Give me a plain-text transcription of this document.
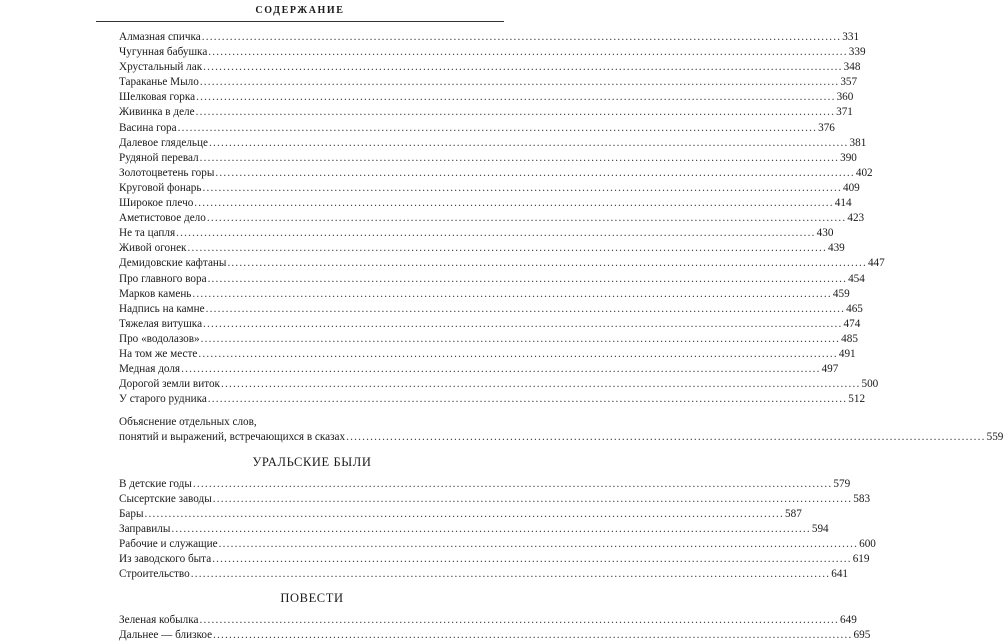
СОДЕРЖАНИЕ
Алмазная спичка ................................................................................................................................................................ 331
Чугунная бабушка ................................................................................................................................................................ 339
Хрустальный лак ................................................................................................................................................................ 348
Тараканье Мыло ................................................................................................................................................................ 357
Шелковая горка ................................................................................................................................................................ 360
Живинка в деле ................................................................................................................................................................ 371
Васина гора ................................................................................................................................................................ 376
Далевое глядельце ................................................................................................................................................................ 381
Рудяной перевал ................................................................................................................................................................ 390
Золотоцветень горы ................................................................................................................................................................ 402
Круговой фонарь ................................................................................................................................................................ 409
Широкое плечо ................................................................................................................................................................ 414
Аметистовое дело ................................................................................................................................................................ 423
Не та цапля ................................................................................................................................................................ 430
Живой огонек ................................................................................................................................................................ 439
Демидовские кафтаны ................................................................................................................................................................ 447
Про главного вора ................................................................................................................................................................ 454
Марков камень ................................................................................................................................................................ 459
Надпись на камне ................................................................................................................................................................ 465
Тяжелая витушка ................................................................................................................................................................ 474
Про «водолазов» ................................................................................................................................................................ 485
На том же месте ................................................................................................................................................................ 491
Медная доля ................................................................................................................................................................ 497
Дорогой земли виток ................................................................................................................................................................ 500
У старого рудника ................................................................................................................................................................ 512
Объяснение отдельных слов,
понятий и выражений, встречающихся в сказах ................................................................................................................................................................ 559
УРАЛЬСКИЕ БЫЛИ
В детские годы ................................................................................................................................................................ 579
Сысертские заводы ................................................................................................................................................................ 583
Бары ................................................................................................................................................................ 587
Заправилы ................................................................................................................................................................ 594
Рабочие и служащие ................................................................................................................................................................ 600
Из заводского быта ................................................................................................................................................................ 619
Строительство ................................................................................................................................................................ 641
ПОВЕСТИ
Зеленая кобылка ................................................................................................................................................................ 649
Дальнее — близкое ................................................................................................................................................................ 695
